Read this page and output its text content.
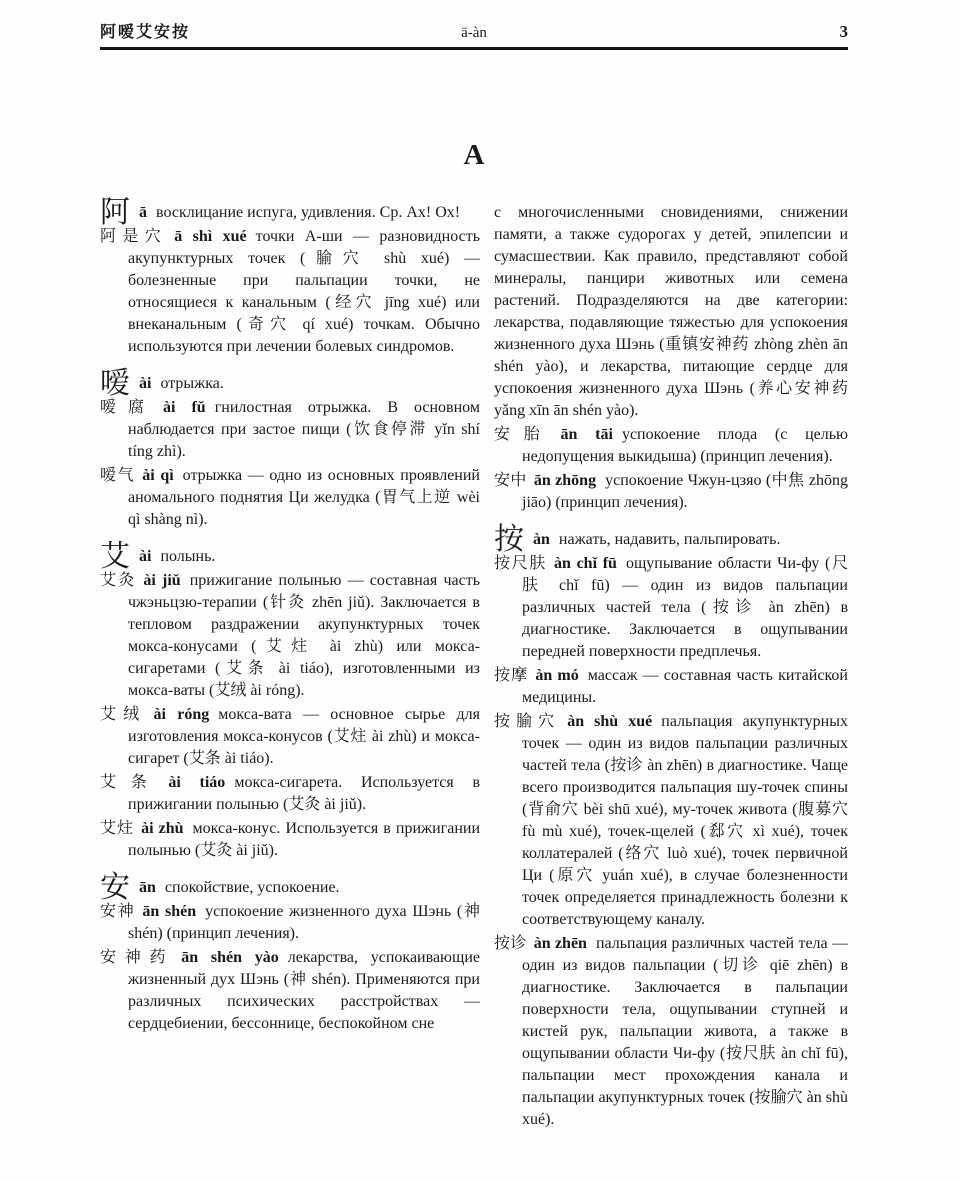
阿嗳艾安按	ā-àn	3
A
阿ā восклицание испуга, удивления. Ср. Ах! Ох!
阿是穴 ā shì xué точки А-ши — разновидность акупунктурных точек (腧穴 shù xué) — болезненные при пальпации точки, не относящиеся к канальным (经穴 jīng xué) или внеканальным (奇穴 qí xué) точкам. Обычно используются при лечении болевых синдромов.
嗳ài отрыжка.
嗳腐 ài fǔ гнилостная отрыжка. В основном наблюдается при застое пищи (饮食停滞 yǐn shí tíng zhì).
嗳气 ài qì отрыжка — одно из основных проявлений аномального поднятия Ци желудка (胃气上逆 wèi qì shàng nì).
艾ài полынь.
艾灸 ài jiǔ прижигание полынью — составная часть чжэньцзю-терапии (针灸 zhēn jiǔ). Заключается в тепловом раздражении акупунктурных точек мокса-конусами (艾炷 ài zhù) или мокса-сигаретами (艾条 ài tiáo), изготовленными из мокса-ваты (艾绒 ài róng).
艾绒 ài róng мокса-вата — основное сырье для изготовления мокса-конусов (艾炷 ài zhù) и мокса-сигарет (艾条 ài tiáo).
艾条 ài tiáo мокса-сигарета. Используется в прижигании полынью (艾灸 ài jiǔ).
艾炷 ài zhù мокса-конус. Используется в прижигании полынью (艾灸 ài jiǔ).
安ān спокойствие, успокоение.
安神 ān shén успокоение жизненного духа Шэнь (神 shén) (принцип лечения).
安神药 ān shén yào лекарства, успокаивающие жизненный дух Шэнь (神 shén). Применяются при различных психических расстройствах — сердцебиении, бессоннице, беспокойном сне
с многочисленными сновидениями, снижении памяти, а также судорогах у детей, эпилепсии и сумасшествии. Как правило, представляют собой минералы, панцири животных или семена растений. Подразделяются на две категории: лекарства, подавляющие тяжестью для успокоения жизненного духа Шэнь (重镇安神药 zhòng zhèn ān shén yào), и лекарства, питающие сердце для успокоения жизненного духа Шэнь (养心安神药 yǎng xīn ān shén yào).
安胎 ān tāi успокоение плода (с целью недопущения выкидыша) (принцип лечения).
安中 ān zhōng успокоение Чжун-цзяо (中焦 zhōng jiāo) (принцип лечения).
按àn нажать, надавить, пальпировать.
按尺肤 àn chǐ fū ощупывание области Чи-фу (尺肤 chǐ fū) — один из видов пальпации различных частей тела (按诊 àn zhēn) в диагностике. Заключается в ощупывании передней поверхности предплечья.
按摩 àn mó массаж — составная часть китайской медицины.
按腧穴 àn shù xué пальпация акупунктурных точек — один из видов пальпации различных частей тела (按诊 àn zhēn) в диагностике. Чаще всего производится пальпация шу-точек спины (背俞穴 bèi shū xué), му-точек живота (腹募穴 fù mù xué), точек-щелей (郄穴 xì xué), точек коллатералей (络穴 luò xué), точек первичной Ци (原穴 yuán xué), в случае болезненности точек определяется принадлежность болезни к соответствующему каналу.
按诊 àn zhēn пальпация различных частей тела — один из видов пальпации (切诊 qiē zhēn) в диагностике. Заключается в пальпации поверхности тела, ощупывании ступней и кистей рук, пальпации живота, а также в ощупывании области Чи-фу (按尺肤 àn chǐ fū), пальпации мест прохождения канала и пальпации акупунктурных точек (按腧穴 àn shù xué).
